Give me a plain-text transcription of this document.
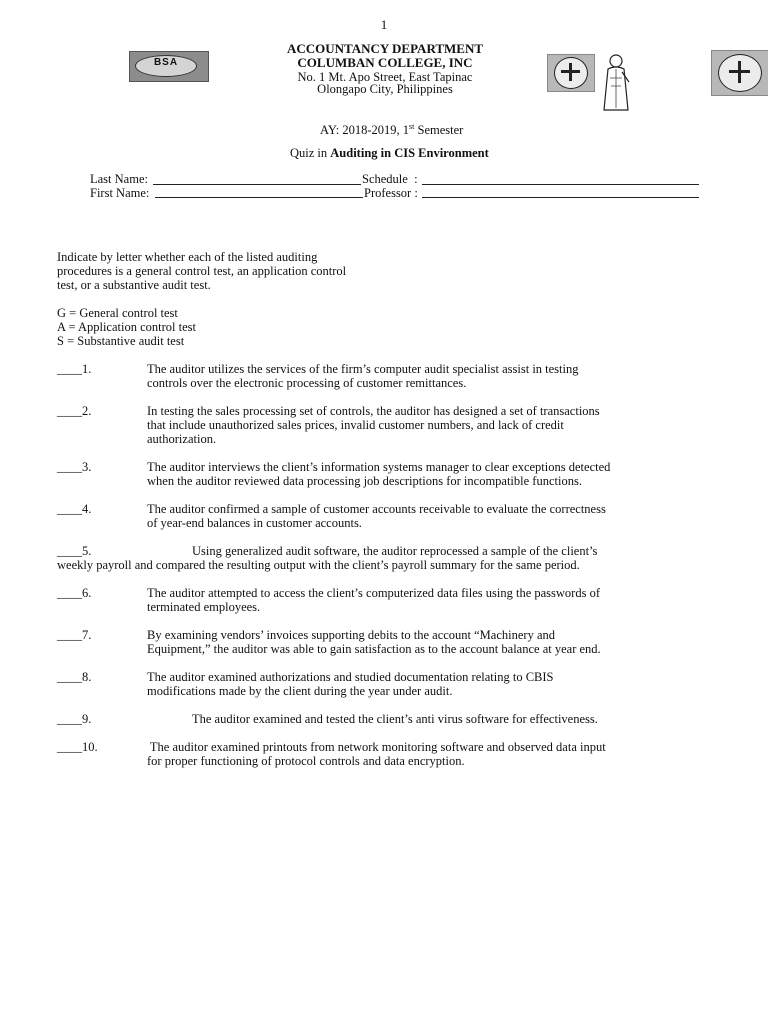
1
BSA
ACCOUNTANCY DEPARTMENT
COLUMBAN COLLEGE, INC
No. 1 Mt. Apo Street, East Tapinac
Olongapo City, Philippines
AY: 2018-2019, 1st Semester
Quiz in Auditing in CIS Environment
Last Name:	Schedule  :
First Name:	Professor :
Indicate by letter whether each of the listed auditing
procedures is a general control test, an application control
test, or a substantive audit test.
G = General control test
A = Application control test
S = Substantive audit test
____1.	The auditor utilizes the services of the firm’s computer audit specialist assist in testing
controls over the electronic processing of customer remittances.
____2.	In testing the sales processing set of controls, the auditor has designed a set of transactions
that include unauthorized sales prices, invalid customer numbers, and lack of credit
authorization.
____3.	The auditor interviews the client’s information systems manager to clear exceptions detected
when the auditor reviewed data processing job descriptions for incompatible functions.
____4.	The auditor confirmed a sample of customer accounts receivable to evaluate the correctness
of year-end balances in customer accounts.
____5.	Using generalized audit software, the auditor reprocessed a sample of the client’s
weekly payroll and compared the resulting output with the client’s payroll summary for the same period.
____6.	The auditor attempted to access the client’s computerized data files using the passwords of
terminated employees.
____7.	By examining vendors’ invoices supporting debits to the account “Machinery and
Equipment,” the auditor was able to gain satisfaction as to the account balance at year end.
____8.	The auditor examined authorizations and studied documentation relating to CBIS
modifications made by the client during the year under audit.
____9.	The auditor examined and tested the client’s anti virus software for effectiveness.
____10.	The auditor examined printouts from network monitoring software and observed data input
for proper functioning of protocol controls and data encryption.
